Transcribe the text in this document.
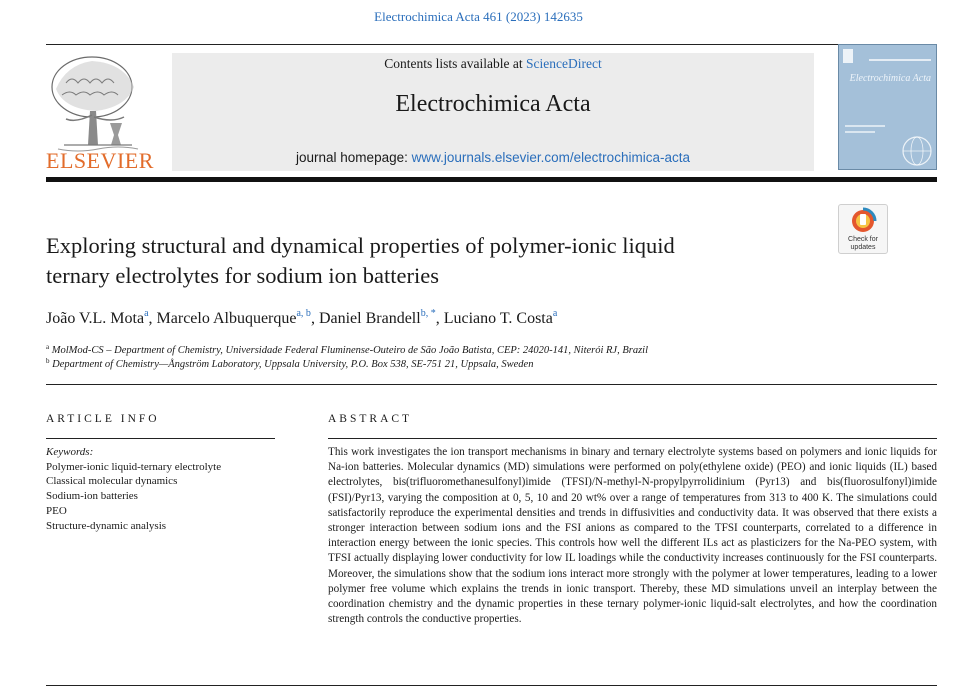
Electrochimica Acta 461 (2023) 142635
ELSEVIER
Contents lists available at ScienceDirect
Electrochimica Acta
journal homepage: www.journals.elsevier.com/electrochimica-acta
Electrochimica Acta
Check for
updates
Exploring structural and dynamical properties of polymer-ionic liquid
ternary electrolytes for sodium ion batteries
João V.L. Mota$^a$, Marcelo Albuquerque$^{a, b}$, Daniel Brandell$^{b, *}$, Luciano T. Costa$^a$
$^a$ MolMod-CS – Department of Chemistry, Universidade Federal Fluminense-Outeiro de São João Batista, CEP: 24020-141, Niterói RJ, Brazil
$^b$ Department of Chemistry—Ångström Laboratory, Uppsala University, P.O. Box 538, SE-751 21, Uppsala, Sweden
ARTICLE INFO	ABSTRACT
Keywords:
Polymer-ionic liquid-ternary electrolyte
Classical molecular dynamics
Sodium-ion batteries
PEO
Structure-dynamic analysis
This work investigates the ion transport mechanisms in binary and ternary electrolyte systems based on polymers and ionic liquids for Na-ion batteries. Molecular dynamics (MD) simulations were performed on poly(ethylene oxide) (PEO) and ionic liquids (IL) based electrolytes, bis(trifluoromethanesulfonyl)imide (TFSI)/N-methyl-N-propylpyrrolidinium (Pyr13) and bis(fluorosulfonyl)imide (FSI)/Pyr13, varying the composition at 0, 5, 10 and 20 wt% over a range of temperatures from 313 to 400 K. The simulations could satisfactorily reproduce the experimental densities and trends in diffusivities and conductivity data. It was observed that there exists a stronger interaction between sodium ions and the FSI anions as compared to the TFSI counterparts, correlated to a difference in interaction energy between the ionic species. This controls how well the different ILs act as plasticizers for the Na-PEO system, with TFSI actually displaying lower conductivity for low IL loadings while the conductivity increases continuously for the FSI counterparts. Moreover, the simulations show that the sodium ions interact more strongly with the polymer at lower temperatures, leading to a lower polymer free volume which explains the trends in ionic transport. Thereby, these MD simulations unveil an interplay between the coordination chemistry and the dynamic properties in these ternary polymer-ionic liquid-salt electrolytes, and how the coordination strength controls the conductive properties.
